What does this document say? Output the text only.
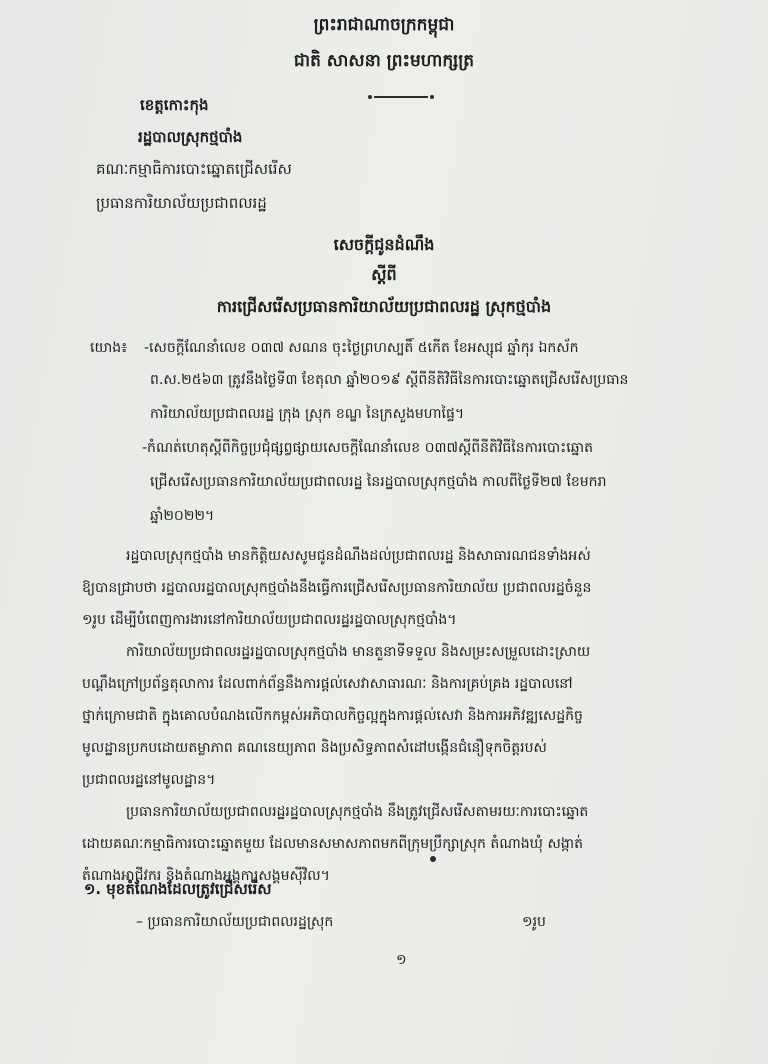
ព្រះរាជាណាចក្រកម្ពុជា
ជាតិ សាសនា ព្រះមហាក្សត្រ
ខេត្តកោះកុង
រដ្ឋបាលស្រុកថ្មបាំង
គណៈកម្មាធិការបោះឆ្នោតជ្រើសរើស
ប្រធានការិយាល័យប្រជាពលរដ្ឋ
សេចក្តីជូនដំណឹង
ស្តីពី
ការជ្រើសរើសប្រធានការិយាល័យប្រជាពលរដ្ឋ ស្រុកថ្មបាំង
យោង៖ -សេចក្តីណែនាំលេខ ០៣៧ សណន ចុះថ្ងៃព្រហស្បតិ៍ ៥កើត ខែអស្សុជ ឆ្នាំកុរ ឯកស័ក
ព.ស.២៥៦៣ ត្រូវនឹងថ្ងៃទី៣ ខែតុលា ឆ្នាំ២០១៩ ស្តីពីនីតិវិធីនៃការបោះឆ្នោតជ្រើសរើសប្រធាន
ការិយាល័យប្រជាពលរដ្ឋ ក្រុង ស្រុក ខណ្ឌ នៃក្រសួងមហាផ្ទៃ។
-កំណត់ហេតុស្តីពីកិច្ចប្រជុំផ្សព្វផ្សាយសេចក្តីណែនាំលេខ ០៣៧ស្តីពីនីតិវិធីនៃការបោះឆ្នោត
ជ្រើសរើសប្រធានការិយាល័យប្រជាពលរដ្ឋ នៃរដ្ឋបាលស្រុកថ្មបាំង កាលពីថ្ងៃទី២៧ ខែមករា
ឆ្នាំ២០២២។
រដ្ឋបាលស្រុកថ្មបាំង មានកិត្តិយសសូមជូនដំណឹងដល់ប្រជាពលរដ្ឋ និងសាធារណជនទាំងអស់
ឱ្យបានជ្រាបថា រដ្ឋបាលរដ្ឋបាលស្រុកថ្មបាំងនឹងធ្វើការជ្រើសរើសប្រធានការិយាល័យ ប្រជាពលរដ្ឋចំនួន
១រូប ដើម្បីបំពេញការងារនៅការិយាល័យប្រជាពលរដ្ឋរដ្ឋបាលស្រុកថ្មបាំង។
ការិយាល័យប្រជាពលរដ្ឋរដ្ឋបាលស្រុកថ្មបាំង មានតួនាទីទទួល និងសម្រះសម្រួលដោះស្រាយ
បណ្តឹងក្រៅប្រព័ន្ធតុលាការ ដែលពាក់ព័ន្ធនឹងការផ្តល់សេវាសាធារណៈ និងការគ្រប់គ្រង រដ្ឋបាលនៅ
ថ្នាក់ក្រោមជាតិ ក្នុងគោលបំណងលើកកម្ពស់អភិបាលកិច្ចល្អក្នុងការផ្តល់សេវា និងការអភិវឌ្ឍសេដ្ឋកិច្ច
មូលដ្ឋានប្រកបដោយតម្លាភាព គណនេយ្យភាព និងប្រសិទ្ធភាពសំដៅបង្កើនជំនឿទុកចិត្តរបស់
ប្រជាពលរដ្ឋនៅមូលដ្ឋាន។
ប្រធានការិយាល័យប្រជាពលរដ្ឋរដ្ឋបាលស្រុកថ្មបាំង នឹងត្រូវជ្រើសរើសតាមរយៈការបោះឆ្នោត
ដោយគណៈកម្មាធិការបោះឆ្នោតមួយ ដែលមានសមាសភាពមកពីក្រុមប្រឹក្សាស្រុក តំណាងឃុំ សង្កាត់
តំណាងអាជីវករ និងតំណាងអង្គការសង្គមស៊ីវិល។
១. មុខតំណែងដែលត្រូវជ្រើសរើស
– ប្រធានការិយាល័យប្រជាពលរដ្ឋស្រុក	១រូប
១
